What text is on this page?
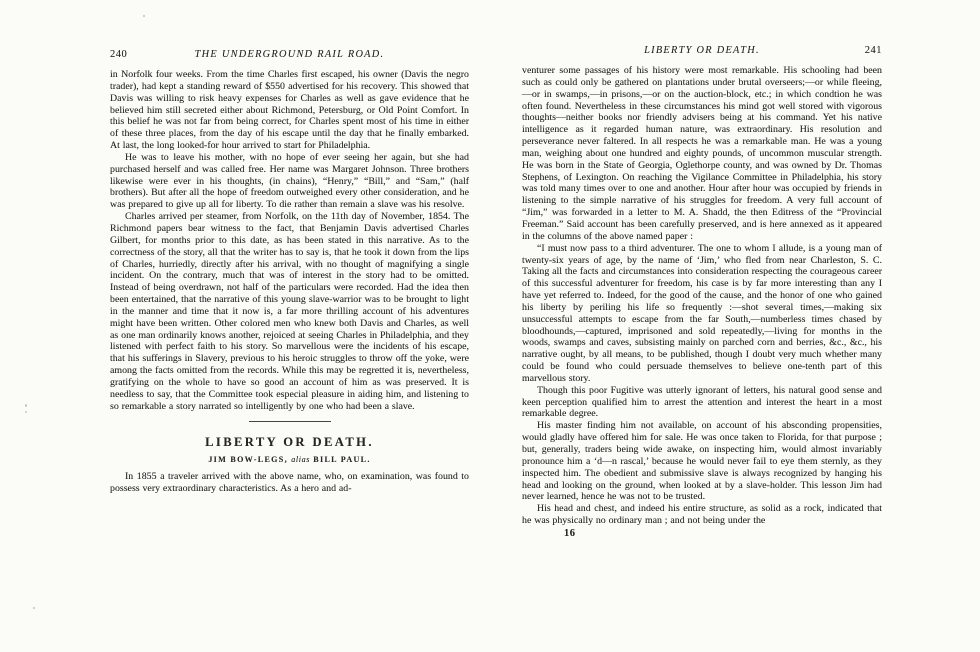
240	THE UNDERGROUND RAIL ROAD.

in Norfolk four weeks. From the time Charles first escaped, his owner (Davis the negro trader), had kept a standing reward of $550 advertised for his recovery. This showed that Davis was willing to risk heavy expenses for Charles as well as gave evidence that he believed him still secreted either about Richmond, Petersburg, or Old Point Comfort. In this belief he was not far from being correct, for Charles spent most of his time in either of these three places, from the day of his escape until the day that he finally embarked. At last, the long looked-for hour arrived to start for Philadelphia.

He was to leave his mother, with no hope of ever seeing her again, but she had purchased herself and was called free. Her name was Margaret Johnson. Three brothers likewise were ever in his thoughts, (in chains), “Henry,” “Bill,” and “Sam,” (half brothers). But after all the hope of freedom outweighed every other consideration, and he was prepared to give up all for liberty. To die rather than remain a slave was his resolve.

Charles arrived per steamer, from Norfolk, on the 11th day of November, 1854. The Richmond papers bear witness to the fact, that Benjamin Davis advertised Charles Gilbert, for months prior to this date, as has been stated in this narrative. As to the correctness of the story, all that the writer has to say is, that he took it down from the lips of Charles, hurriedly, directly after his arrival, with no thought of magnifying a single incident. On the contrary, much that was of interest in the story had to be omitted. Instead of being overdrawn, not half of the particulars were recorded. Had the idea then been entertained, that the narrative of this young slave-warrior was to be brought to light in the manner and time that it now is, a far more thrilling account of his adventures might have been written. Other colored men who knew both Davis and Charles, as well as one man ordinarily knows another, rejoiced at seeing Charles in Philadelphia, and they listened with perfect faith to his story. So marvellous were the incidents of his escape, that his sufferings in Slavery, previous to his heroic struggles to throw off the yoke, were among the facts omitted from the records. While this may be regretted it is, nevertheless, gratifying on the whole to have so good an account of him as was preserved. It is needless to say, that the Committee took especial pleasure in aiding him, and listening to so remarkable a story narrated so intelligently by one who had been a slave.

LIBERTY OR DEATH.
JIM BOW-LEGS, alias BILL PAUL.

In 1855 a traveler arrived with the above name, who, on examination, was found to possess very extraordinary characteristics. As a hero and ad-

LIBERTY OR DEATH.	241

venturer some passages of his history were most remarkable. His schooling had been such as could only be gathered on plantations under brutal overseers;—or while fleeing,—or in swamps,—in prisons,—or on the auction-block, etc.; in which condtion he was often found. Nevertheless in these circumstances his mind got well stored with vigorous thoughts—neither books nor friendly advisers being at his command. Yet his native intelligence as it regarded human nature, was extraordinary. His resolution and perseverance never faltered. In all respects he was a remarkable man. He was a young man, weighing about one hundred and eighty pounds, of uncommon muscular strength. He was born in the State of Georgia, Oglethorpe county, and was owned by Dr. Thomas Stephens, of Lexington. On reaching the Vigilance Committee in Philadelphia, his story was told many times over to one and another. Hour after hour was occupied by friends in listening to the simple narrative of his struggles for freedom. A very full account of “Jim,” was forwarded in a letter to M. A. Shadd, the then Editress of the “Provincial Freeman.” Said account has been carefully preserved, and is here annexed as it appeared in the columns of the above named paper :

“I must now pass to a third adventurer. The one to whom I allude, is a young man of twenty-six years of age, by the name of ‘Jim,’ who fled from near Charleston, S. C. Taking all the facts and circumstances into consideration respecting the courageous career of this successful adventurer for freedom, his case is by far more interesting than any I have yet referred to. Indeed, for the good of the cause, and the honor of one who gained his liberty by periling his life so frequently :—shot several times,—making six unsuccessful attempts to escape from the far South,—numberless times chased by bloodhounds,—captured, imprisoned and sold repeatedly,—living for months in the woods, swamps and caves, subsisting mainly on parched corn and berries, &c., &c., his narrative ought, by all means, to be published, though I doubt very much whether many could be found who could persuade themselves to believe one-tenth part of this marvellous story.

Though this poor Fugitive was utterly ignorant of letters, his natural good sense and keen perception qualified him to arrest the attention and interest the heart in a most remarkable degree.

His master finding him not available, on account of his absconding propensities, would gladly have offered him for sale. He was once taken to Florida, for that purpose ; but, generally, traders being wide awake, on inspecting him, would almost invariably pronounce him a ‘d—n rascal,’ because he would never fail to eye them sternly, as they inspected him. The obedient and submissive slave is always recognized by hanging his head and looking on the ground, when looked at by a slave-holder. This lesson Jim had never learned, hence he was not to be trusted.

His head and chest, and indeed his entire structure, as solid as a rock, indicated that he was physically no ordinary man ; and not being under the

16
